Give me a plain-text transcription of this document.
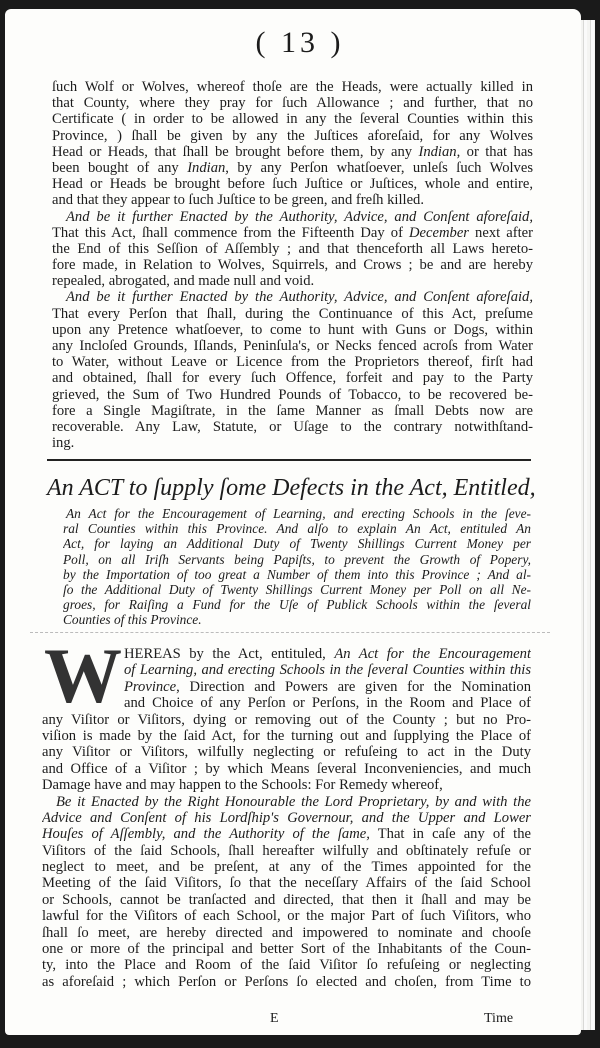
( 13 )
ſuch Wolf or Wolves, whereof thoſe are the Heads, were actually killed in
that County, where they pray for ſuch Allowance ; and further, that no
Certificate ( in order to be allowed in any the ſeveral Counties within this
Province, ) ſhall be given by any the Juſtices aforeſaid, for any Wolves
Head or Heads, that ſhall be brought before them, by any Indian, or that has
been bought of any Indian, by any Perſon whatſoever, unleſs ſuch Wolves
Head or Heads be brought before ſuch Juſtice or Juſtices, whole and entire,
and that they appear to ſuch Juſtice to be green, and freſh killed.
And be it further Enacted by the Authority, Advice, and Conſent aforeſaid,
That this Act, ſhall commence from the Fifteenth Day of December next after
the End of this Seſſion of Aſſembly ; and that thenceforth all Laws hereto-
fore made, in Relation to Wolves, Squirrels, and Crows ; be and are hereby
repealed, abrogated, and made null and void.
And be it further Enacted by the Authority, Advice, and Conſent aforeſaid,
That every Perſon that ſhall, during the Continuance of this Act, preſume
upon any Pretence whatſoever, to come to hunt with Guns or Dogs, within
any Incloſed Grounds, Iſlands, Peninſula's, or Necks fenced acroſs from Water
to Water, without Leave or Licence from the Proprietors thereof, firſt had
and obtained, ſhall for every ſuch Offence, forfeit and pay to the Party
grieved, the Sum of Two Hundred Pounds of Tobacco, to be recovered be-
fore a Single Magiſtrate, in the ſame Manner as ſmall Debts now are
recoverable. Any Law, Statute, or Uſage to the contrary notwithſtand-
ing.
An ACT to ſupply ſome Defects in the Act, Entitled,
An Act for the Encouragement of Learning, and erecting Schools in the ſeve-
ral Counties within this Province. And alſo to explain An Act, entituled An
Act, for laying an Additional Duty of Twenty Shillings Current Money per
Poll, on all Iriſh Servants being Papiſts, to prevent the Growth of Popery,
by the Importation of too great a Number of them into this Province ; And al-
ſo the Additional Duty of Twenty Shillings Current Money per Poll on all Ne-
groes, for Raiſing a Fund for the Uſe of Publick Schools within the ſeveral
Counties of this Province.
W HEREAS by the Act, entituled, An Act for the Encouragement
of Learning, and erecting Schools in the ſeveral Counties within this
Province, Direction and Powers are given for the Nomination
and Choice of any Perſon or Perſons, in the Room and Place of
any Viſitor or Viſitors, dying or removing out of the County ; but no Pro-
viſion is made by the ſaid Act, for the turning out and ſupplying the Place of
any Viſitor or Viſitors, wilfully neglecting or refuſeing to act in the Duty
and Office of a Viſitor ; by which Means ſeveral Inconveniencies, and much
Damage have and may happen to the Schools: For Remedy whereof,
Be it Enacted by the Right Honourable the Lord Proprietary, by and with the
Advice and Conſent of his Lordſhip's Governour, and the Upper and Lower
Houſes of Aſſembly, and the Authority of the ſame, That in caſe any of the
Viſitors of the ſaid Schools, ſhall hereafter wilfully and obſtinately refuſe or
neglect to meet, and be preſent, at any of the Times appointed for the
Meeting of the ſaid Viſitors, ſo that the neceſſary Affairs of the ſaid School
or Schools, cannot be tranſacted and directed, that then it ſhall and may be
lawful for the Viſitors of each School, or the major Part of ſuch Viſitors, who
ſhall ſo meet, are hereby directed and impowered to nominate and chooſe
one or more of the principal and better Sort of the Inhabitants of the Coun-
ty, into the Place and Room of the ſaid Viſitor ſo refuſeing or neglecting
as aforeſaid ; which Perſon or Perſons ſo elected and choſen, from Time to
E	Time
